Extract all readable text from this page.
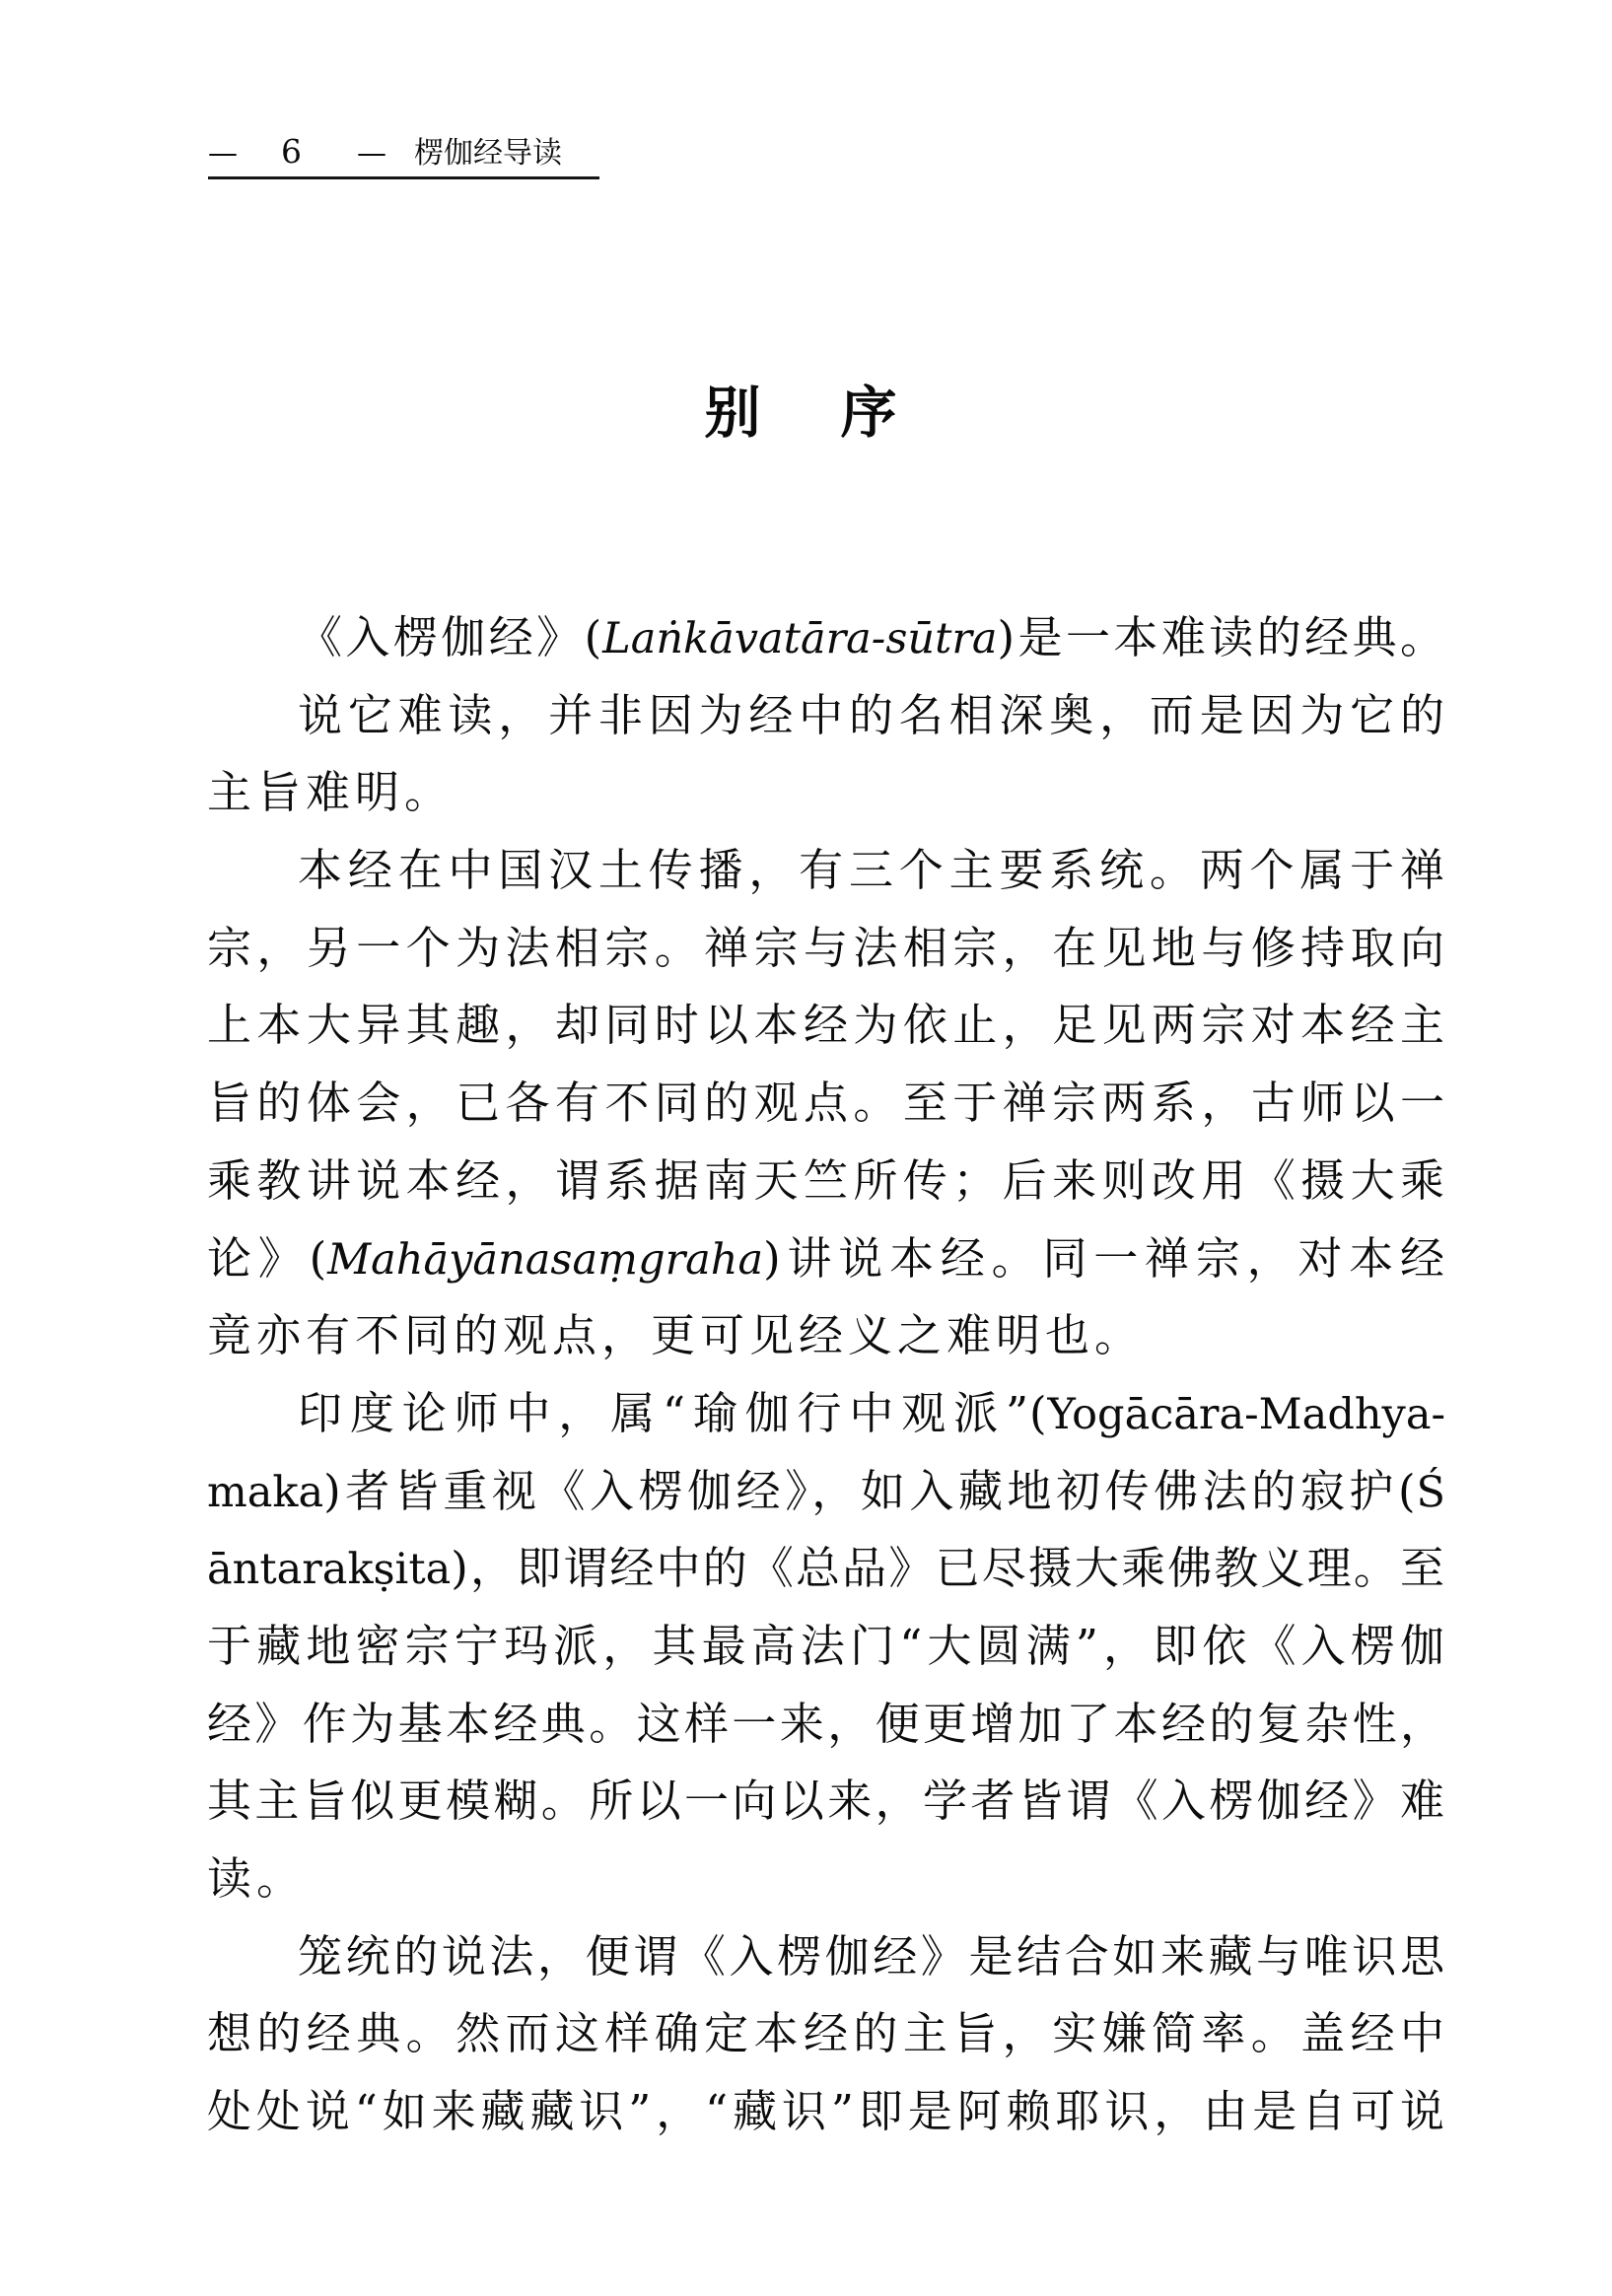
— 6 — 楞伽经导读
别　序
《入楞伽经》(Laṅkāvatāra-sūtra)是一本难读的经典。
说它难读，并非因为经中的名相深奥，而是因为它的
主旨难明。
本经在中国汉土传播，有三个主要系统。两个属于禅
宗，另一个为法相宗。禅宗与法相宗，在见地与修持取向
上本大异其趣，却同时以本经为依止，足见两宗对本经主
旨的体会，已各有不同的观点。至于禅宗两系，古师以一
乘教讲说本经，谓系据南天竺所传；后来则改用《摄大乘
论》(Mahāyānasaṃgraha)讲说本经。同一禅宗，对本经
竟亦有不同的观点，更可见经义之难明也。
印度论师中，属“瑜伽行中观派”(Yogācāra-Madhya-
maka)者皆重视《入楞伽经》，如入藏地初传佛法的寂护(Ś
āntarakṣita)，即谓经中的《总品》已尽摄大乘佛教义理。至
于藏地密宗宁玛派，其最高法门“大圆满”，即依《入楞伽
经》作为基本经典。这样一来，便更增加了本经的复杂性，
其主旨似更模糊。所以一向以来，学者皆谓《入楞伽经》难
读。
笼统的说法，便谓《入楞伽经》是结合如来藏与唯识思
想的经典。然而这样确定本经的主旨，实嫌简率。盖经中
处处说“如来藏藏识”，“藏识”即是阿赖耶识，由是自可说
